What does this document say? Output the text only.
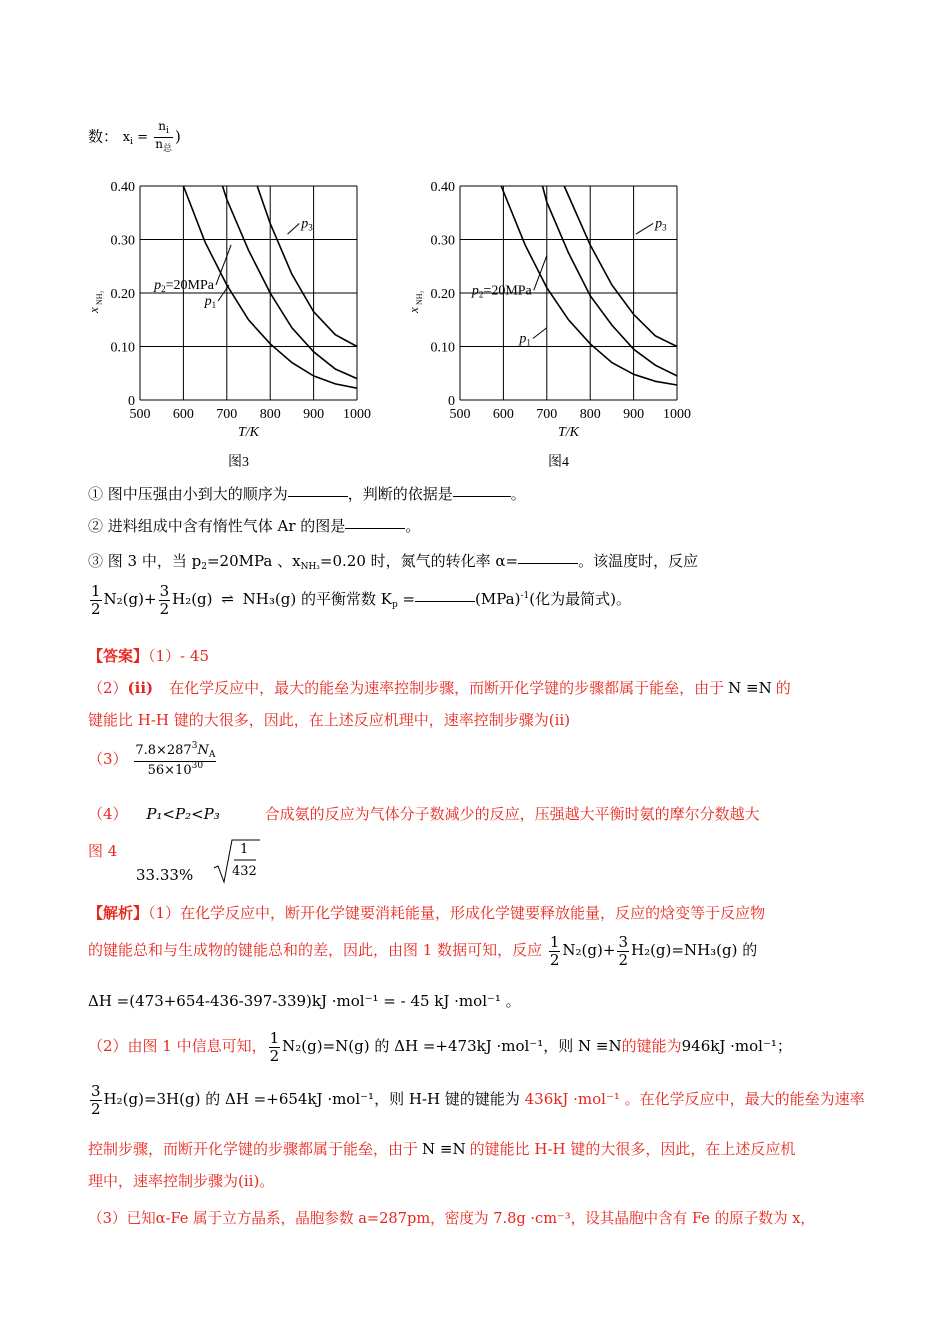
数： $x_i = \frac{n_i}{n_总}$ )
500 600 700 800 900 1000
0
0.10
0.20
0.30
0.40
x
NH₃
T/K
图3
$p_3$
$p_1$
$p_2=20MPa$
500 600 700 800 900 1000
0
0.10
0.20
0.30
0.40
x
NH₃
T/K
图4
$p_3$
$p_1$
$p_2=20MPa$
① 图中压强由小到大的顺序为	，判断的依据是	。
② 进料组成中含有惰性气体 Ar 的图是	。
③ 图 3 中，当 $p_2=20MPa$ 、$x_{NH_3}=0.20$ 时，氮气的转化率 α=	。该温度时，反应
$\frac{1}{2} N_2(g)+ \frac{3}{2} H_2(g)$ ⇌ NH₃(g) 的平衡常数 $K_p$ =	(MPa)$^{-1}$(化为最简式)。
【答案】（1）- 45
（2）(ii) 在化学反应中，最大的能垒为速率控制步骤，而断开化学键的步骤都属于能垒，由于 N ≡N 的
键能比 H-H 键的大很多，因此，在上述反应机理中，速率控制步骤为(ii)
$(3) \frac{7.8\times 287^3N_A}{56\times 10^{30}}$
（4） P₁<P₂<P₃	合成氨的反应为气体分子数减少的反应，压强越大平衡时氨的摩尔分数越大
图 4
33.33%
1
432
【解析】（1）在化学反应中，断开化学键要消耗能量，形成化学键要释放能量，反应的焓变等于反应物
的键能总和与生成物的键能总和的差，因此，由图 1 数据可知，反应 $\frac{1}{2} N_2(g)+ \frac{3}{2} H_2(g)=NH_3(g)$ 的
ΔH =(473+654-436-397-339)kJ ·mol⁻¹ = - 45 kJ ·mol⁻¹ 。
（2）由图 1 中信息可知， $\frac{1}{2} N_2(g)=N(g)$ 的 ΔH =+473kJ ·mol⁻¹，则 N ≡N的键能为946kJ ·mol⁻¹；
$\frac{3}{2} H_2(g)=3H(g)$ 的 ΔH =+654kJ ·mol⁻¹，则 H-H 键的键能为 436kJ ·mol⁻¹ 。在化学反应中，最大的能垒为速率
控制步骤，而断开化学键的步骤都属于能垒，由于 N ≡N 的键能比 H-H 键的大很多，因此，在上述反应机
理中，速率控制步骤为(ii)。
（3）已知α-Fe 属于立方晶系，晶胞参数 a=287pm，密度为 7.8g ·cm⁻³，设其晶胞中含有 Fe 的原子数为 x，
